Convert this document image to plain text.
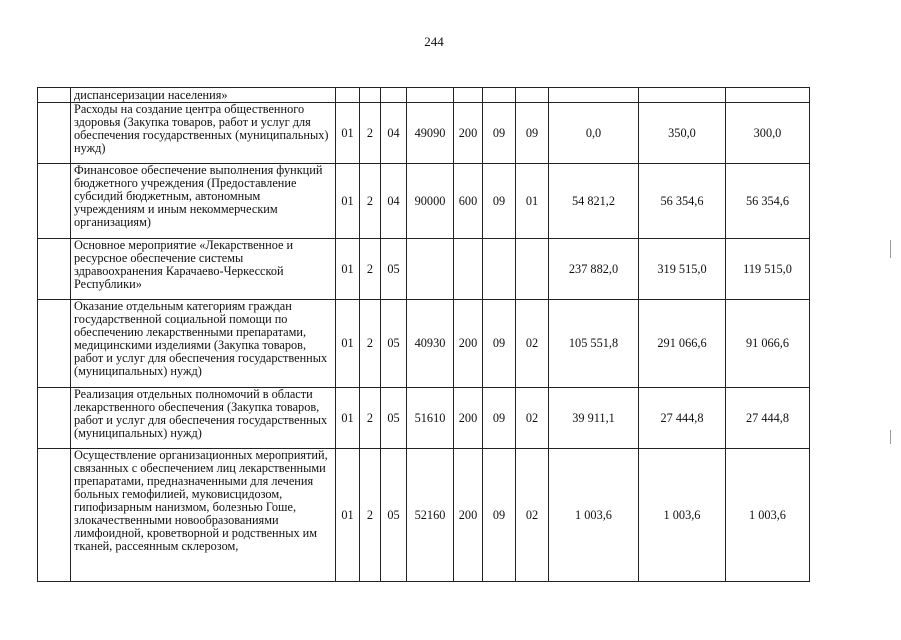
244
	диспансеризации населения»										
	Расходы на создание центра общественного здоровья (Закупка товаров, работ и услуг для обеспечения государственных (муниципальных) нужд)	01	2	04	49090	200	09	09	0,0	350,0	300,0
	Финансовое обеспечение выполнения функций бюджетного учреждения (Предоставление субсидий бюджетным, автономным учреждениям и иным некоммерческим организациям)	01	2	04	90000	600	09	01	54 821,2	56 354,6	56 354,6
	Основное мероприятие «Лекарственное и ресурсное обеспечение системы здравоохранения Карачаево-Черкесской Республики»	01	2	05					237 882,0	319 515,0	119 515,0
	Оказание отдельным категориям граждан государственной социальной помощи по обеспечению лекарственными препаратами, медицинскими изделиями (Закупка товаров, работ и услуг для обеспечения государственных (муниципальных) нужд)	01	2	05	40930	200	09	02	105 551,8	291 066,6	91 066,6
	Реализация отдельных полномочий в области лекарственного обеспечения (Закупка товаров, работ и услуг для обеспечения государственных (муниципальных) нужд)	01	2	05	51610	200	09	02	39 911,1	27 444,8	27 444,8
	Осуществление организационных мероприятий, связанных с обеспечением лиц лекарственными препаратами, предназначенными для лечения больных гемофилией, муковисцидозом, гипофизарным нанизмом, болезнью Гоше, злокачественными новообразованиями лимфоидной, кроветворной и родственных им тканей, рассеянным склерозом,	01	2	05	52160	200	09	02	1 003,6	1 003,6	1 003,6
